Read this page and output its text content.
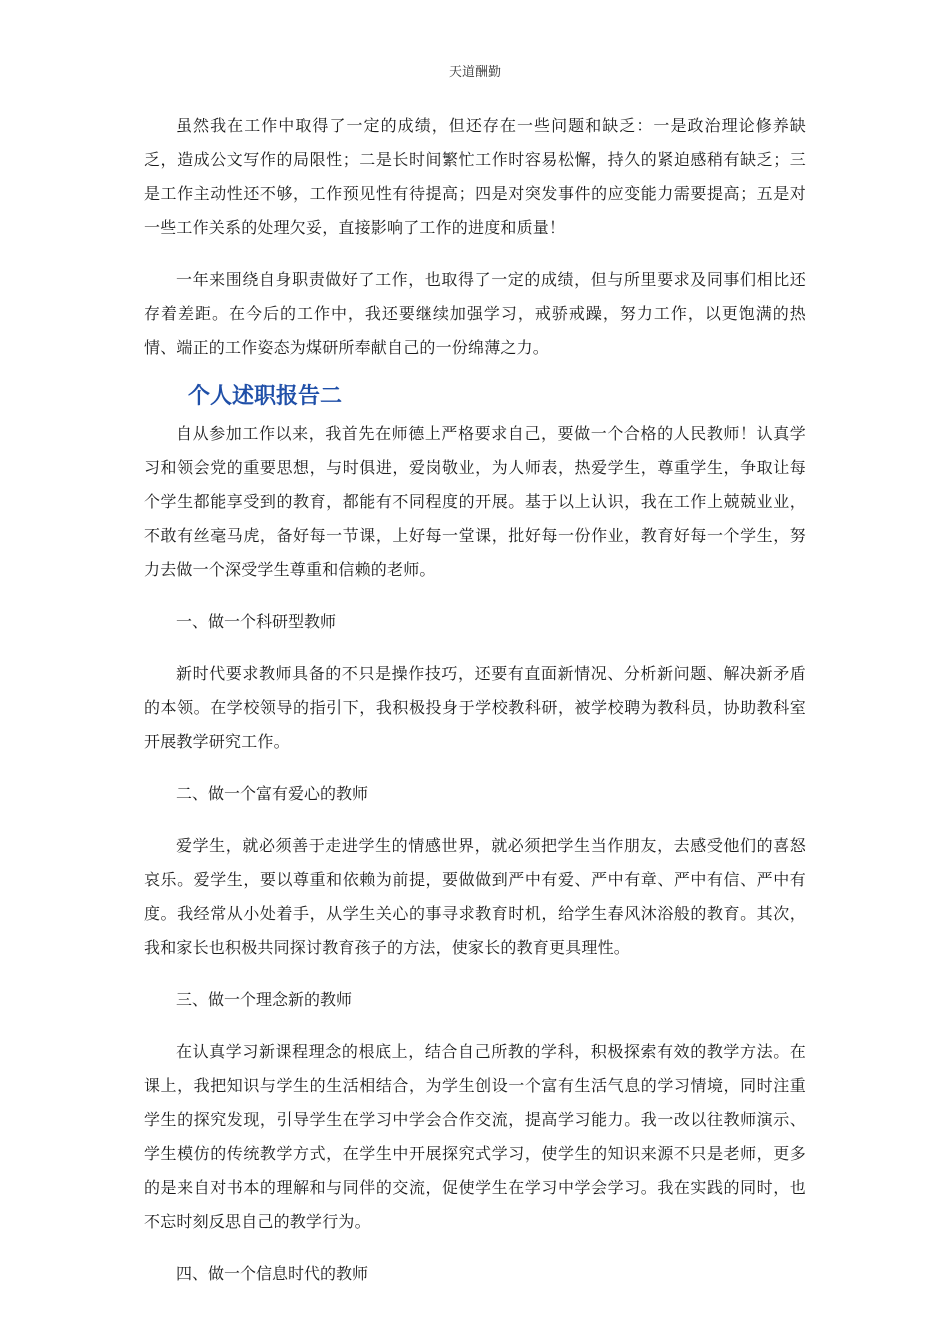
天道酬勤

虽然我在工作中取得了一定的成绩，但还存在一些问题和缺乏：一是政治理论修养缺乏，造成公文写作的局限性；二是长时间繁忙工作时容易松懈，持久的紧迫感稍有缺乏；三是工作主动性还不够，工作预见性有待提高；四是对突发事件的应变能力需要提高；五是对一些工作关系的处理欠妥，直接影响了工作的进度和质量！

一年来围绕自身职责做好了工作，也取得了一定的成绩，但与所里要求及同事们相比还存着差距。在今后的工作中，我还要继续加强学习，戒骄戒躁，努力工作，以更饱满的热情、端正的工作姿态为煤研所奉献自己的一份绵薄之力。

个人述职报告二

自从参加工作以来，我首先在师德上严格要求自己，要做一个合格的人民教师！认真学习和领会党的重要思想，与时俱进，爱岗敬业，为人师表，热爱学生，尊重学生，争取让每个学生都能享受到的教育，都能有不同程度的开展。基于以上认识，我在工作上兢兢业业，不敢有丝毫马虎，备好每一节课，上好每一堂课，批好每一份作业，教育好每一个学生，努力去做一个深受学生尊重和信赖的老师。

一、做一个科研型教师

新时代要求教师具备的不只是操作技巧，还要有直面新情况、分析新问题、解决新矛盾的本领。在学校领导的指引下，我积极投身于学校教科研，被学校聘为教科员，协助教科室开展教学研究工作。

二、做一个富有爱心的教师

爱学生，就必须善于走进学生的情感世界，就必须把学生当作朋友，去感受他们的喜怒哀乐。爱学生，要以尊重和依赖为前提，要做做到严中有爱、严中有章、严中有信、严中有度。我经常从小处着手，从学生关心的事寻求教育时机，给学生春风沐浴般的教育。其次，我和家长也积极共同探讨教育孩子的方法，使家长的教育更具理性。

三、做一个理念新的教师

在认真学习新课程理念的根底上，结合自己所教的学科，积极探索有效的教学方法。在课上，我把知识与学生的生活相结合，为学生创设一个富有生活气息的学习情境，同时注重学生的探究发现，引导学生在学习中学会合作交流，提高学习能力。我一改以往教师演示、学生模仿的传统教学方式，在学生中开展探究式学习，使学生的知识来源不只是老师，更多的是来自对书本的理解和与同伴的交流，促使学生在学习中学会学习。我在实践的同时，也不忘时刻反思自己的教学行为。

四、做一个信息时代的教师
